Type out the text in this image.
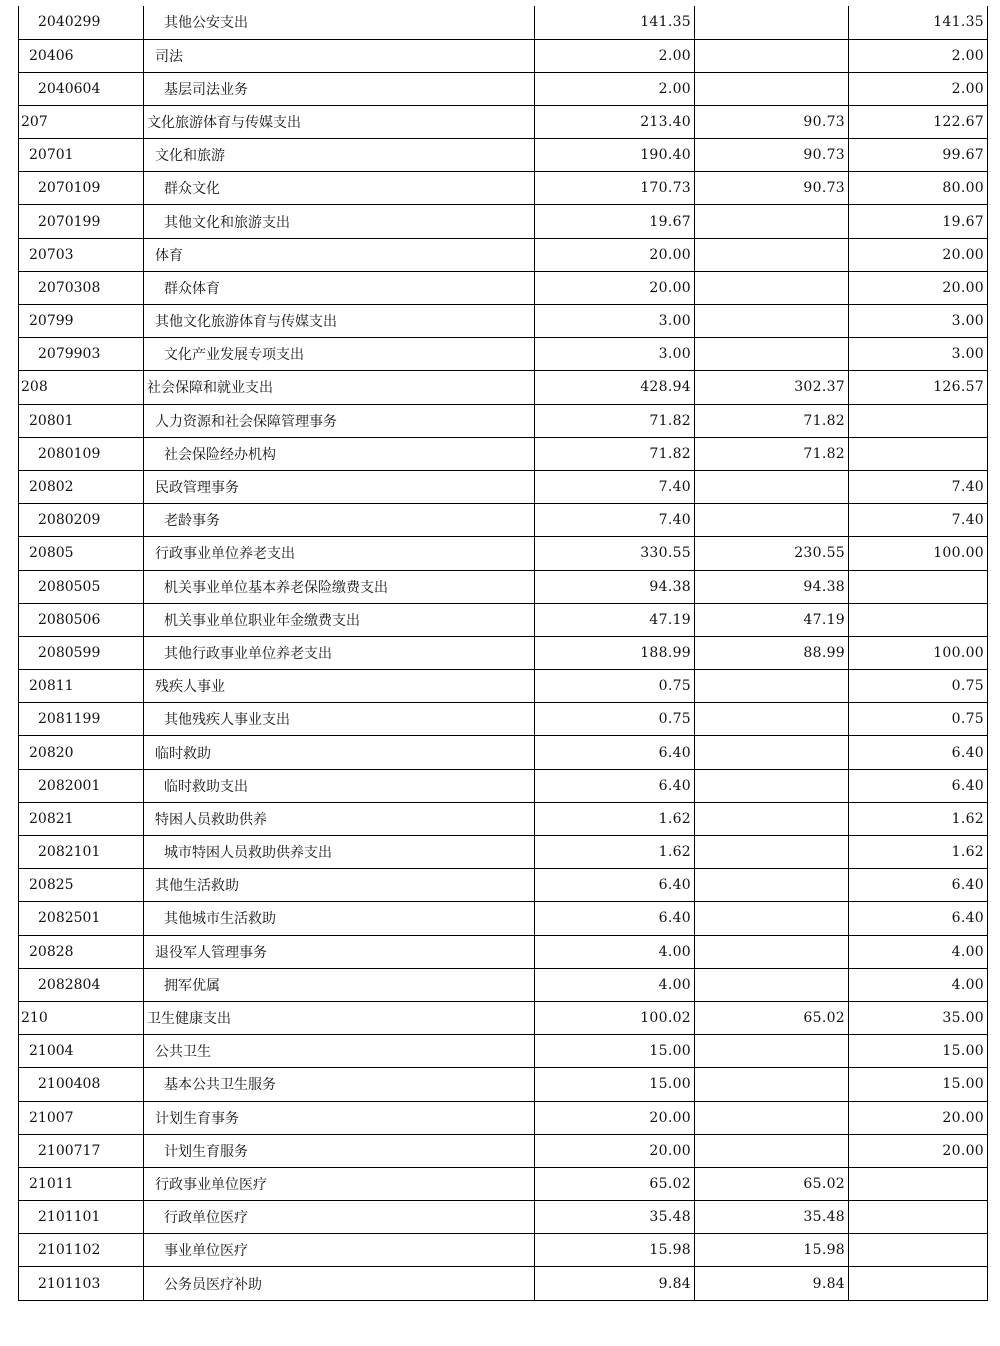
2040299	其他公安支出	141.35		141.35
20406	司法	2.00		2.00
2040604	基层司法业务	2.00		2.00
207	文化旅游体育与传媒支出	213.40	90.73	122.67
20701	文化和旅游	190.40	90.73	99.67
2070109	群众文化	170.73	90.73	80.00
2070199	其他文化和旅游支出	19.67		19.67
20703	体育	20.00		20.00
2070308	群众体育	20.00		20.00
20799	其他文化旅游体育与传媒支出	3.00		3.00
2079903	文化产业发展专项支出	3.00		3.00
208	社会保障和就业支出	428.94	302.37	126.57
20801	人力资源和社会保障管理事务	71.82	71.82	
2080109	社会保险经办机构	71.82	71.82	
20802	民政管理事务	7.40		7.40
2080209	老龄事务	7.40		7.40
20805	行政事业单位养老支出	330.55	230.55	100.00
2080505	机关事业单位基本养老保险缴费支出	94.38	94.38	
2080506	机关事业单位职业年金缴费支出	47.19	47.19	
2080599	其他行政事业单位养老支出	188.99	88.99	100.00
20811	残疾人事业	0.75		0.75
2081199	其他残疾人事业支出	0.75		0.75
20820	临时救助	6.40		6.40
2082001	临时救助支出	6.40		6.40
20821	特困人员救助供养	1.62		1.62
2082101	城市特困人员救助供养支出	1.62		1.62
20825	其他生活救助	6.40		6.40
2082501	其他城市生活救助	6.40		6.40
20828	退役军人管理事务	4.00		4.00
2082804	拥军优属	4.00		4.00
210	卫生健康支出	100.02	65.02	35.00
21004	公共卫生	15.00		15.00
2100408	基本公共卫生服务	15.00		15.00
21007	计划生育事务	20.00		20.00
2100717	计划生育服务	20.00		20.00
21011	行政事业单位医疗	65.02	65.02	
2101101	行政单位医疗	35.48	35.48	
2101102	事业单位医疗	15.98	15.98	
2101103	公务员医疗补助	9.84	9.84	
